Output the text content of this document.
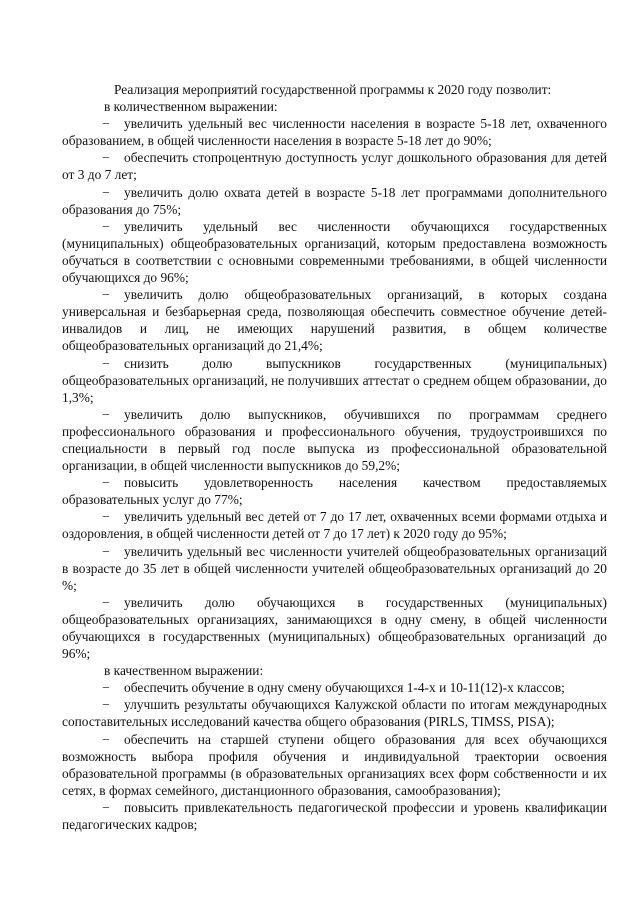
Реализация мероприятий государственной программы к 2020 году позволит:

в количественном выражении:

− увеличить удельный вес численности населения в возрасте 5-18 лет, охваченного образованием, в общей численности населения в возрасте 5-18 лет до 90%;

− обеспечить стопроцентную доступность услуг дошкольного образования для детей от 3 до 7 лет;

− увеличить долю охвата детей в возрасте 5-18 лет программами дополнительного образования до 75%;

− увеличить удельный вес численности обучающихся государственных (муниципальных) общеобразовательных организаций, которым предоставлена возможность обучаться в соответствии с основными современными требованиями, в общей численности обучающихся до 96%;

− увеличить долю общеобразовательных организаций, в которых создана универсальная и безбарьерная среда, позволяющая обеспечить совместное обучение детей-инвалидов и лиц, не имеющих нарушений развития, в общем количестве общеобразовательных организаций до 21,4%;

− снизить долю выпускников государственных (муниципальных) общеобразовательных организаций, не получивших аттестат о среднем общем образовании, до 1,3%;

− увеличить долю выпускников, обучившихся по программам среднего профессионального образования и профессионального обучения, трудоустроившихся по специальности в первый год после выпуска из профессиональной образовательной организации, в общей численности выпускников до 59,2%;

− повысить удовлетворенность населения качеством предоставляемых образовательных услуг до 77%;

− увеличить удельный вес детей от 7 до 17 лет, охваченных всеми формами отдыха и оздоровления, в общей численности детей от 7 до 17 лет) к 2020 году до 95%;

− увеличить удельный вес численности учителей общеобразовательных организаций в возрасте до 35 лет в общей численности учителей общеобразовательных организаций до 20 %;

− увеличить долю обучающихся в государственных (муниципальных) общеобразовательных организациях, занимающихся в одну смену, в общей численности обучающихся в государственных (муниципальных) общеобразовательных организаций до 96%;

в качественном выражении:

− обеспечить обучение в одну смену обучающихся 1-4-х и 10-11(12)-х классов;

− улучшить результаты обучающихся Калужской области по итогам международных сопоставительных исследований качества общего образования (PIRLS, TIMSS, PISA);

− обеспечить на старшей ступени общего образования для всех обучающихся возможность выбора профиля обучения и индивидуальной траектории освоения образовательной программы (в образовательных организациях всех форм собственности и их сетях, в формах семейного, дистанционного образования, самообразования);

− повысить привлекательность педагогической профессии и уровень квалификации педагогических кадров;
